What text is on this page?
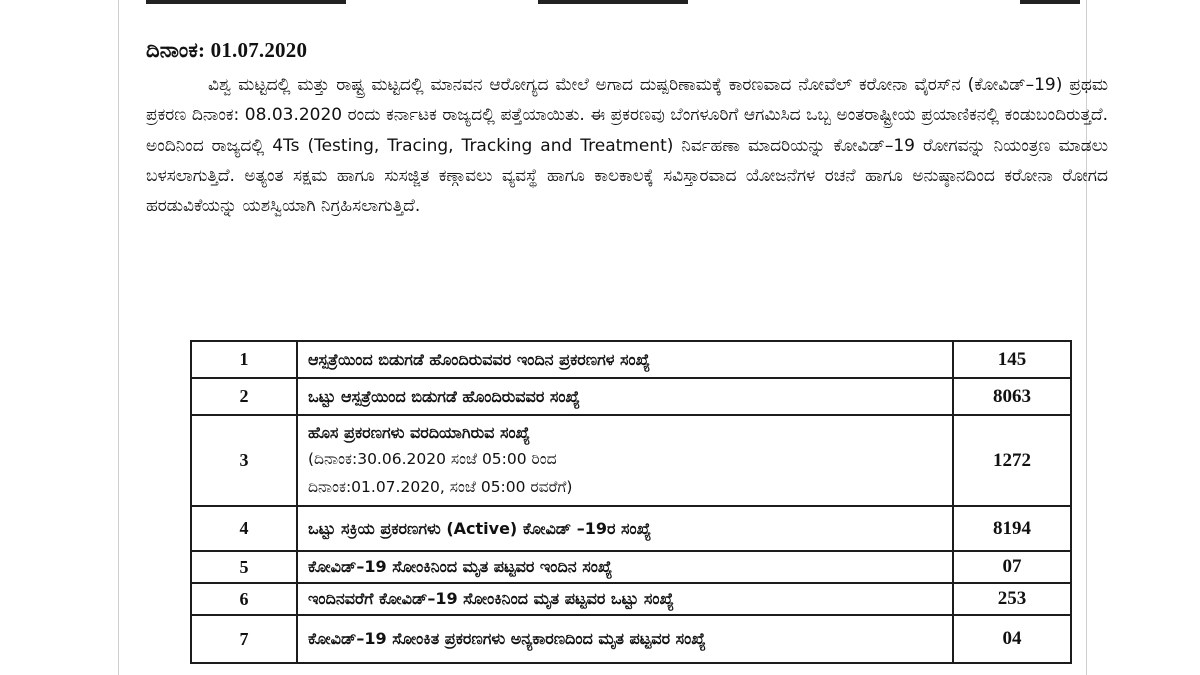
ದಿನಾಂಕ: 01.07.2020
ವಿಶ್ವ ಮಟ್ಟದಲ್ಲಿ ಮತ್ತು ರಾಷ್ಟ್ರ ಮಟ್ಟದಲ್ಲಿ ಮಾನವನ ಆರೋಗ್ಯದ ಮೇಲೆ ಅಗಾದ ದುಷ್ಪರಿಣಾಮಕ್ಕೆ ಕಾರಣವಾದ ನೋವೆಲ್ ಕರೋನಾ ವೈರಸ್‌ನ (ಕೋವಿಡ್–19) ಪ್ರಥಮ ಪ್ರಕರಣ ದಿನಾಂಕ: 08.03.2020 ರಂದು ಕರ್ನಾಟಕ ರಾಜ್ಯದಲ್ಲಿ ಪತ್ತೆಯಾಯಿತು. ಈ ಪ್ರಕರಣವು ಬೆಂಗಳೂರಿಗೆ ಆಗಮಿಸಿದ ಒಬ್ಬ ಅಂತರಾಷ್ಟ್ರೀಯ ಪ್ರಯಾಣಿಕನಲ್ಲಿ ಕಂಡುಬಂದಿರುತ್ತದೆ. ಅಂದಿನಿಂದ ರಾಜ್ಯದಲ್ಲಿ 4Ts (Testing, Tracing, Tracking and Treatment) ನಿರ್ವಹಣಾ ಮಾದರಿಯನ್ನು ಕೋವಿಡ್–19 ರೋಗವನ್ನು ನಿಯಂತ್ರಣ ಮಾಡಲು ಬಳಸಲಾಗುತ್ತಿದೆ. ಅತ್ಯಂತ ಸಕ್ಷಮ ಹಾಗೂ ಸುಸಜ್ಜಿತ ಕಣ್ಗಾವಲು ವ್ಯವಸ್ಥೆ ಹಾಗೂ ಕಾಲಕಾಲಕ್ಕೆ ಸವಿಸ್ತಾರವಾದ ಯೋಜನೆಗಳ ರಚನೆ ಹಾಗೂ ಅನುಷ್ಠಾನದಿಂದ ಕರೋನಾ ರೋಗದ ಹರಡುವಿಕೆಯನ್ನು ಯಶಸ್ವಿಯಾಗಿ ನಿಗ್ರಹಿಸಲಾಗುತ್ತಿದೆ.
1	ಆಸ್ಪತ್ರೆಯಿಂದ ಬಿಡುಗಡೆ ಹೊಂದಿರುವವರ ಇಂದಿನ ಪ್ರಕರಣಗಳ ಸಂಖ್ಯೆ	145
2	ಒಟ್ಟು ಆಸ್ಪತ್ರೆಯಿಂದ ಬಿಡುಗಡೆ ಹೊಂದಿರುವವರ ಸಂಖ್ಯೆ	8063
3	ಹೊಸ ಪ್ರಕರಣಗಳು ವರದಿಯಾಗಿರುವ ಸಂಖ್ಯೆ
(ದಿನಾಂಕ:30.06.2020 ಸಂಜೆ 05:00 ರಿಂದ
ದಿನಾಂಕ:01.07.2020, ಸಂಜೆ 05:00 ರವರೆಗೆ)	1272
4	ಒಟ್ಟು ಸಕ್ರಿಯ ಪ್ರಕರಣಗಳು (Active) ಕೋವಿಡ್ –19ರ ಸಂಖ್ಯೆ	8194
5	ಕೋವಿಡ್–19 ಸೋಂಕಿನಿಂದ ಮೃತ ಪಟ್ಟವರ ಇಂದಿನ ಸಂಖ್ಯೆ	07
6	ಇಂದಿನವರೆಗೆ ಕೋವಿಡ್–19 ಸೋಂಕಿನಿಂದ ಮೃತ ಪಟ್ಟವರ ಒಟ್ಟು ಸಂಖ್ಯೆ	253
7	ಕೋವಿಡ್–19 ಸೋಂಕಿತ ಪ್ರಕರಣಗಳು ಅನ್ಯಕಾರಣದಿಂದ ಮೃತ ಪಟ್ಟವರ ಸಂಖ್ಯೆ	04
